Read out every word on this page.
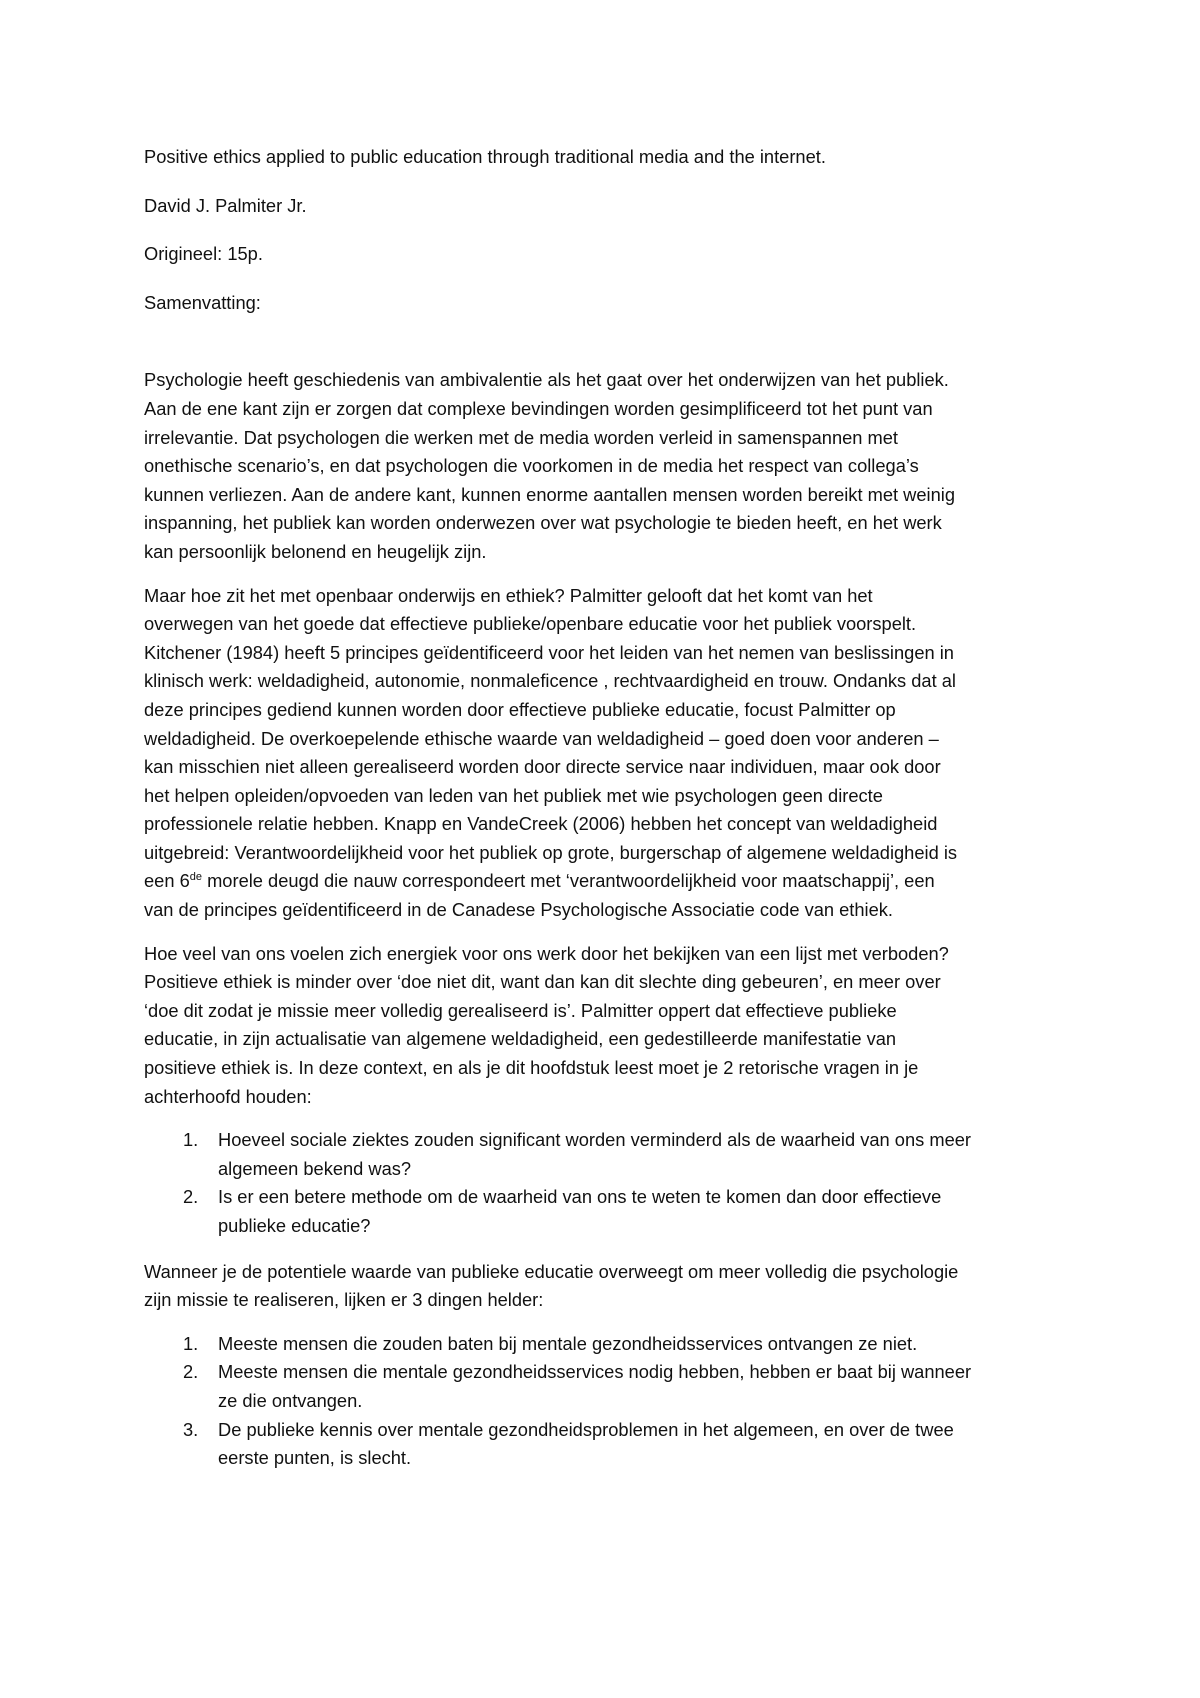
Positive ethics applied to public education through traditional media and the internet.
David J. Palmiter Jr.
Origineel: 15p.
Samenvatting:
Psychologie heeft geschiedenis van ambivalentie als het gaat over het onderwijzen van het publiek.
Aan de ene kant zijn er zorgen dat complexe bevindingen worden gesimplificeerd tot het punt van
irrelevantie. Dat psychologen die werken met de media worden verleid in samenspannen met
onethische scenario’s, en dat psychologen die voorkomen in de media het respect van collega’s
kunnen verliezen. Aan de andere kant, kunnen enorme aantallen mensen worden bereikt met weinig
inspanning, het publiek kan worden onderwezen over wat psychologie te bieden heeft, en het werk
kan persoonlijk belonend en heugelijk zijn.
Maar hoe zit het met openbaar onderwijs en ethiek? Palmitter gelooft dat het komt van het
overwegen van het goede dat effectieve publieke/openbare educatie voor het publiek voorspelt.
Kitchener (1984) heeft 5 principes geïdentificeerd voor het leiden van het nemen van beslissingen in
klinisch werk: weldadigheid, autonomie, nonmaleficence , rechtvaardigheid en trouw. Ondanks dat al
deze principes gediend kunnen worden door effectieve publieke educatie, focust Palmitter op
weldadigheid. De overkoepelende ethische waarde van weldadigheid – goed doen voor anderen –
kan misschien niet alleen gerealiseerd worden door directe service naar individuen, maar ook door
het helpen opleiden/opvoeden van leden van het publiek met wie psychologen geen directe
professionele relatie hebben. Knapp en VandeCreek (2006) hebben het concept van weldadigheid
uitgebreid: Verantwoordelijkheid voor het publiek op grote, burgerschap of algemene weldadigheid is
een 6de morele deugd die nauw correspondeert met ‘verantwoordelijkheid voor maatschappij’, een
van de principes geïdentificeerd in de Canadese Psychologische Associatie code van ethiek.
Hoe veel van ons voelen zich energiek voor ons werk door het bekijken van een lijst met verboden?
Positieve ethiek is minder over ‘doe niet dit, want dan kan dit slechte ding gebeuren’, en meer over
‘doe dit zodat je missie meer volledig gerealiseerd is’. Palmitter oppert dat effectieve publieke
educatie, in zijn actualisatie van algemene weldadigheid, een gedestilleerde manifestatie van
positieve ethiek is. In deze context, en als je dit hoofdstuk leest moet je 2 retorische vragen in je
achterhoofd houden:
1. Hoeveel sociale ziektes zouden significant worden verminderd als de waarheid van ons meer
algemeen bekend was?
2. Is er een betere methode om de waarheid van ons te weten te komen dan door effectieve
publieke educatie?
Wanneer je de potentiele waarde van publieke educatie overweegt om meer volledig die psychologie
zijn missie te realiseren, lijken er 3 dingen helder:
1. Meeste mensen die zouden baten bij mentale gezondheidsservices ontvangen ze niet.
2. Meeste mensen die mentale gezondheidsservices nodig hebben, hebben er baat bij wanneer
ze die ontvangen.
3. De publieke kennis over mentale gezondheidsproblemen in het algemeen, en over de twee
eerste punten, is slecht.
